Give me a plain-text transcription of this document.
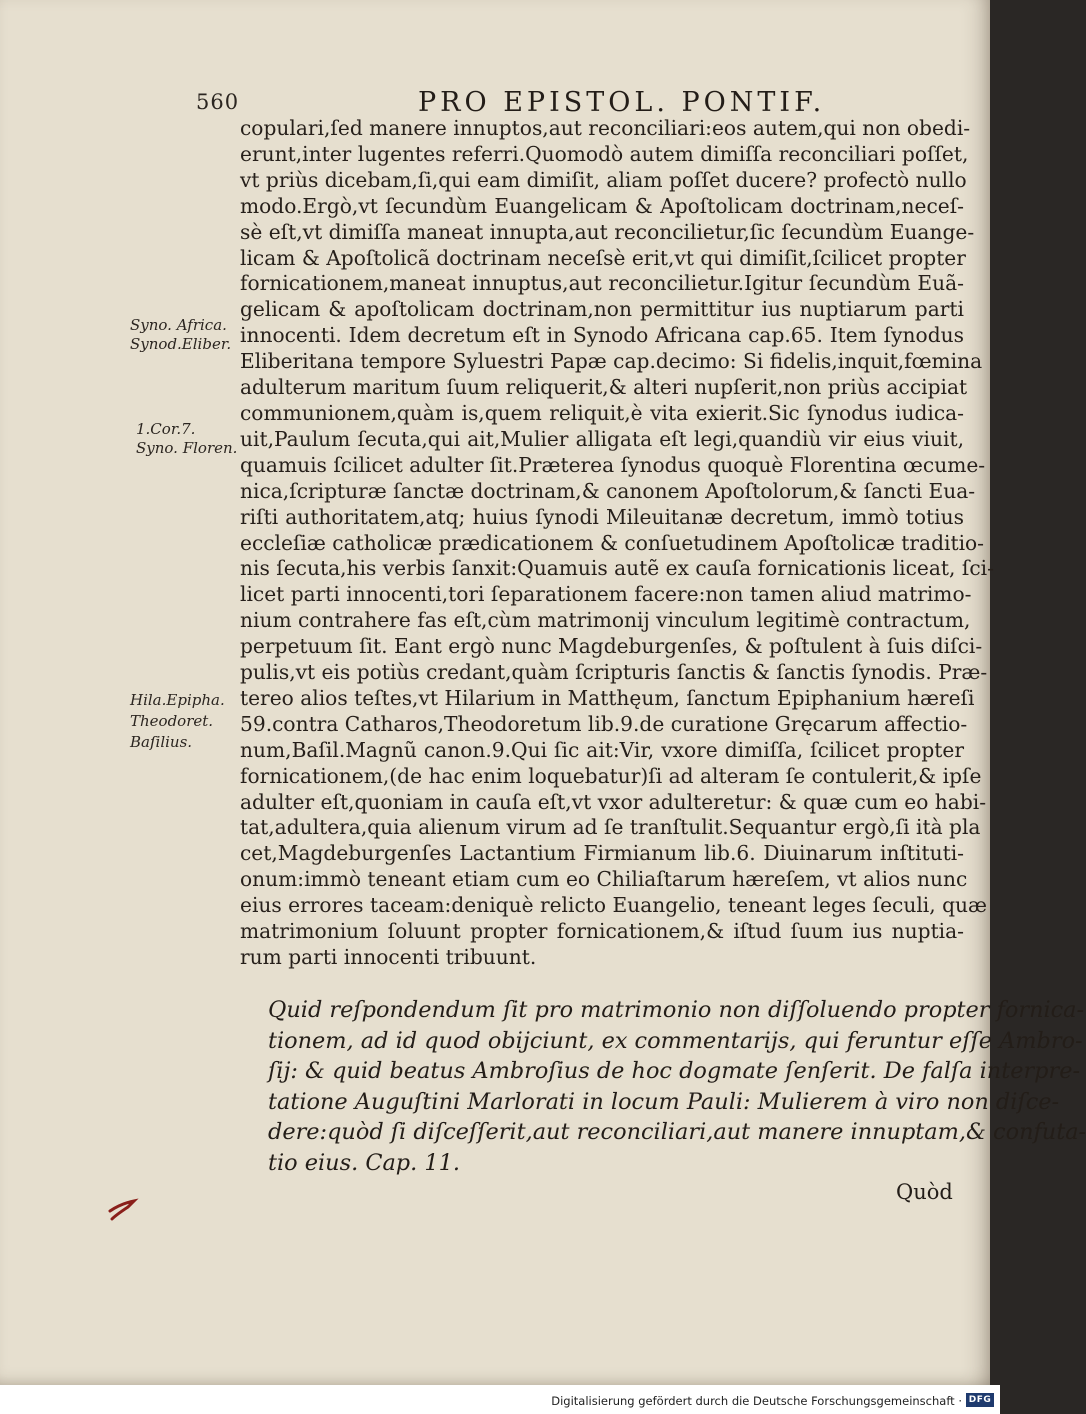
560	PRO EPISTOL. PONTIF.
copulari,ſed manere innuptos,aut reconciliari:eos autem,qui non obedi-
erunt,inter lugentes referri.Quomodò autem dimiſſa reconciliari poſſet,
vt priùs dicebam,ſi,qui eam dimiſit, aliam poſſet ducere? profectò nullo
modo.Ergò,vt ſecundùm Euangelicam & Apoſtolicam doctrinam,neceſ-
sè eſt,vt dimiſſa maneat innupta,aut reconcilietur,ſic ſecundùm Euange-
licam & Apoſtolicã doctrinam neceſsè erit,vt qui dimiſit,ſcilicet propter
fornicationem,maneat innuptus,aut reconcilietur.Igitur ſecundùm Euã-
gelicam & apoſtolicam doctrinam,non permittitur ius nuptiarum parti
innocenti. Idem decretum eſt in Synodo Africana cap.65. Item ſynodus
Eliberitana tempore Syluestri Papæ cap.decimo: Si fidelis,inquit,fœmina
adulterum maritum ſuum reliquerit,& alteri nupſerit,non priùs accipiat
communionem,quàm is,quem reliquit,è vita exierit.Sic ſynodus iudica-
uit,Paulum ſecuta,qui ait,Mulier alligata eſt legi,quandiù vir eius viuit,
quamuis ſcilicet adulter ſit.Præterea ſynodus quoquè Florentina œcume-
nica,ſcripturæ ſanctæ doctrinam,& canonem Apoſtolorum,& ſancti Eua-
riſti authoritatem,atq; huius ſynodi Mileuitanæ decretum, immò totius
eccleſiæ catholicæ prædicationem & conſuetudinem Apoſtolicæ traditio-
nis ſecuta,his verbis ſanxit:Quamuis autẽ ex cauſa fornicationis liceat, ſci-
licet parti innocenti,tori ſeparationem facere:non tamen aliud matrimo-
nium contrahere fas eſt,cùm matrimonij vinculum legitimè contractum,
perpetuum ſit. Eant ergò nunc Magdeburgenſes, & poſtulent à ſuis diſci-
pulis,vt eis potiùs credant,quàm ſcripturis ſanctis & ſanctis ſynodis. Præ-
tereo alios teſtes,vt Hilarium in Matthęum, ſanctum Epiphanium hæreſi
59.contra Catharos,Theodoretum lib.9.de curatione Gręcarum affectio-
num,Baſil.Magnũ canon.9.Qui ſic ait:Vir, vxore dimiſſa, ſcilicet propter
fornicationem,(de hac enim loquebatur)ſi ad alteram ſe contulerit,& ipſe
adulter eſt,quoniam in cauſa eſt,vt vxor adulteretur: & quæ cum eo habi-
tat,adultera,quia alienum virum ad ſe tranſtulit.Sequantur ergò,ſi ità pla
cet,Magdeburgenſes Lactantium Firmianum lib.6. Diuinarum inſtituti-
onum:immò teneant etiam cum eo Chiliaſtarum hæreſem, vt alios nunc
eius errores taceam:deniquè relicto Euangelio, teneant leges ſeculi, quæ
matrimonium ſoluunt propter fornicationem,& iſtud ſuum ius nuptia-
rum parti innocenti tribuunt.
Syno. Africa.
Synod.Eliber.
1.Cor.7.
Syno. Floren.
Hila.Epipha.
Theodoret.
Baſilius.
Quid reſpondendum ſit pro matrimonio non diſſoluendo propter fornica-
tionem, ad id quod obijciunt, ex commentarijs, qui feruntur eſſe Ambro-
ſij: & quid beatus Ambroſius de hoc dogmate ſenſerit. De falſa interpre-
tatione Auguſtini Marlorati in locum Pauli: Mulierem à viro non diſce-
dere:quòd ſi diſceſſerit,aut reconciliari,aut manere innuptam,& confuta-
tio eius. Cap. 11.
Quòd
Digitalisierung gefördert durch die Deutsche Forschungsgemeinschaft · DFG
